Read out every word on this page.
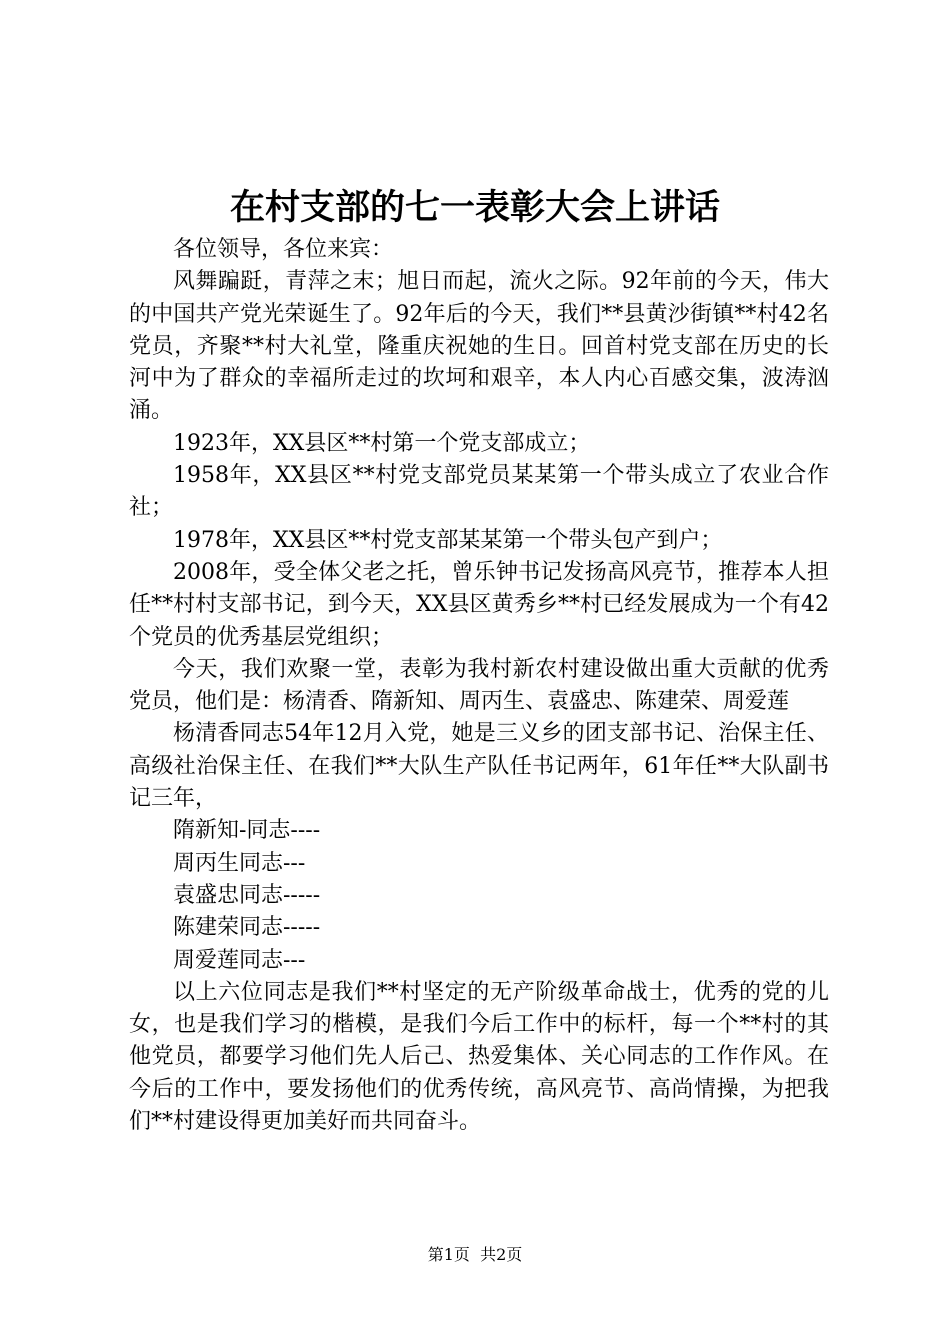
在村支部的七一表彰大会上讲话

各位领导，各位来宾：

风舞蹁跹，青萍之末；旭日而起，流火之际。92年前的今天，伟大的中国共产党光荣诞生了。92年后的今天，我们**县黄沙街镇**村42名党员，齐聚**村大礼堂，隆重庆祝她的生日。回首村党支部在历史的长河中为了群众的幸福所走过的坎坷和艰辛，本人内心百感交集，波涛汹涌。

1923年，XX县区**村第一个党支部成立；

1958年，XX县区**村党支部党员某某第一个带头成立了农业合作社；

1978年，XX县区**村党支部某某第一个带头包产到户；

2008年，受全体父老之托，曾乐钟书记发扬高风亮节，推荐本人担任**村村支部书记，到今天，XX县区黄秀乡**村已经发展成为一个有42个党员的优秀基层党组织；

今天，我们欢聚一堂，表彰为我村新农村建设做出重大贡献的优秀党员，他们是：杨清香、隋新知、周丙生、袁盛忠、陈建荣、周爱莲

杨清香同志54年12月入党，她是三义乡的团支部书记、治保主任、高级社治保主任、在我们**大队生产队任书记两年，61年任**大队副书记三年，

隋新知-同志----

周丙生同志---

袁盛忠同志-----

陈建荣同志-----

周爱莲同志---

以上六位同志是我们**村坚定的无产阶级革命战士，优秀的党的儿女，也是我们学习的楷模，是我们今后工作中的标杆，每一个**村的其他党员，都要学习他们先人后己、热爱集体、关心同志的工作作风。在今后的工作中，要发扬他们的优秀传统，高风亮节、高尚情操，为把我们**村建设得更加美好而共同奋斗。

第1页  共2页
